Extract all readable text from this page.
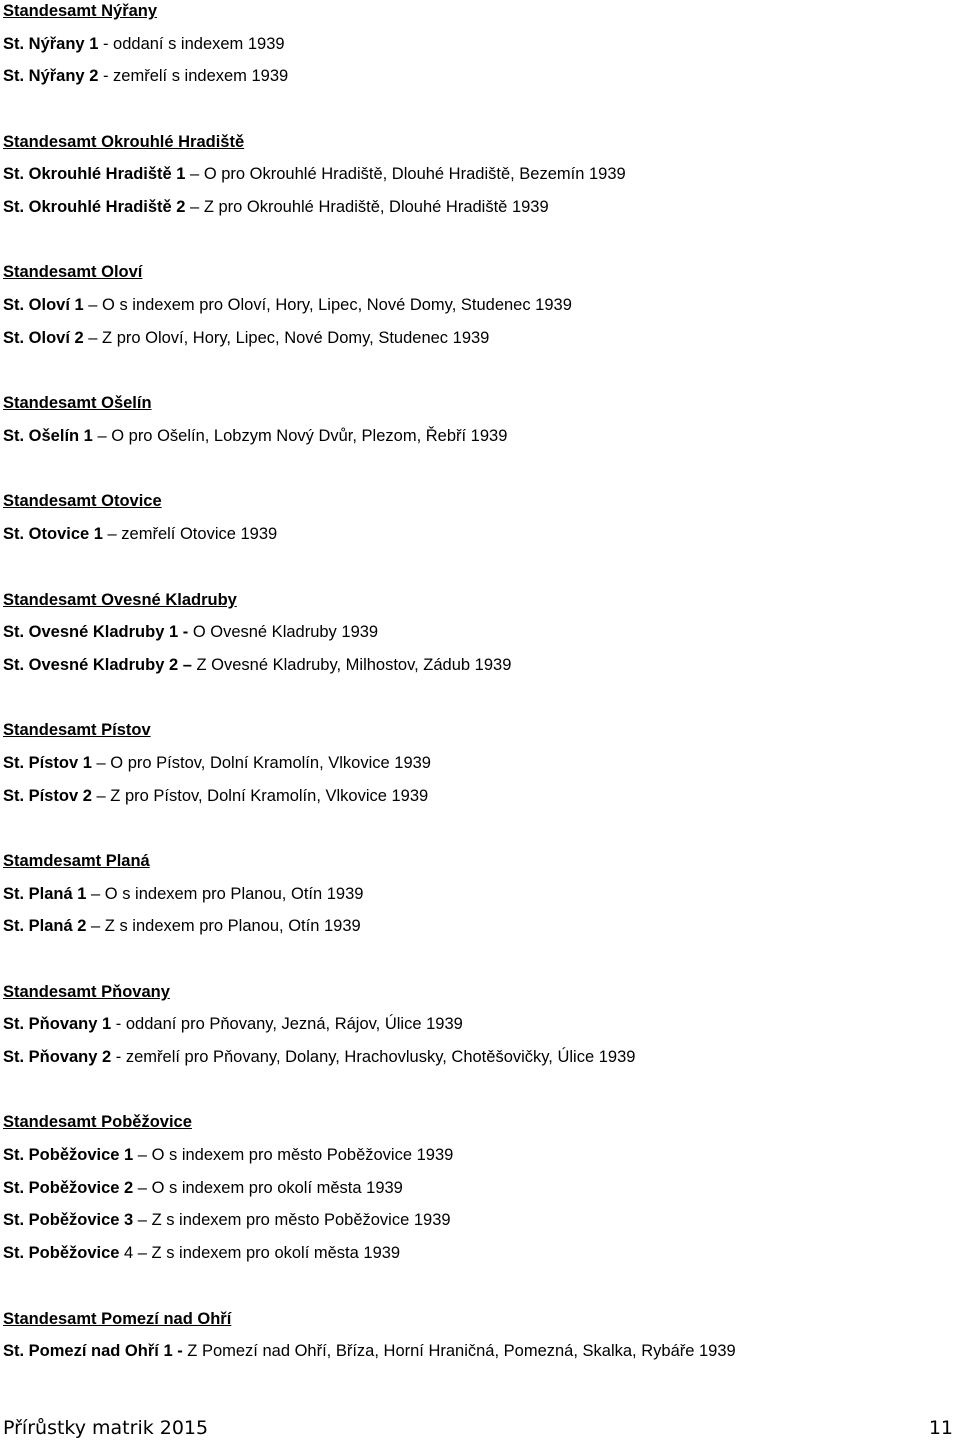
Standesamt Nýřany
St. Nýřany 1 - oddaní s indexem 1939
St. Nýřany 2 - zemřelí s indexem 1939
Standesamt Okrouhlé Hradiště
St. Okrouhlé Hradiště 1 – O pro Okrouhlé Hradiště, Dlouhé Hradiště, Bezemín 1939
St. Okrouhlé Hradiště 2 – Z pro Okrouhlé Hradiště, Dlouhé Hradiště 1939
Standesamt Oloví
St. Oloví 1 – O s indexem pro Oloví, Hory, Lipec, Nové Domy, Studenec 1939
St. Oloví 2 – Z pro Oloví, Hory, Lipec, Nové Domy, Studenec 1939
Standesamt Ošelín
St. Ošelín 1 – O pro Ošelín, Lobzym Nový Dvůr, Plezom, Řebří 1939
Standesamt Otovice
St. Otovice 1 – zemřelí Otovice 1939
Standesamt Ovesné Kladruby
St. Ovesné Kladruby 1 - O Ovesné Kladruby 1939
St. Ovesné Kladruby 2 – Z Ovesné Kladruby, Milhostov, Zádub 1939
Standesamt Pístov
St. Pístov 1 – O pro Pístov, Dolní Kramolín, Vlkovice 1939
St. Pístov 2 – Z pro Pístov, Dolní Kramolín, Vlkovice 1939
Stamdesamt Planá
St. Planá 1 – O s indexem pro Planou, Otín 1939
St. Planá 2 – Z s indexem pro Planou, Otín 1939
Standesamt Pňovany
St. Pňovany 1 - oddaní pro Pňovany, Jezná, Rájov, Úlice 1939
St. Pňovany 2 - zemřelí pro Pňovany, Dolany, Hrachovlusky, Chotěšovičky, Úlice 1939
Standesamt Poběžovice
St. Poběžovice 1 – O s indexem pro město Poběžovice 1939
St. Poběžovice 2 – O s indexem pro okolí města 1939
St. Poběžovice 3 – Z s indexem pro město Poběžovice 1939
St. Poběžovice 4 – Z s indexem pro okolí města 1939
Standesamt Pomezí nad Ohří
St. Pomezí nad Ohří 1 - Z Pomezí nad Ohří, Bříza, Horní Hraničná, Pomezná, Skalka, Rybáře 1939
Přírůstky matrik 2015	11
